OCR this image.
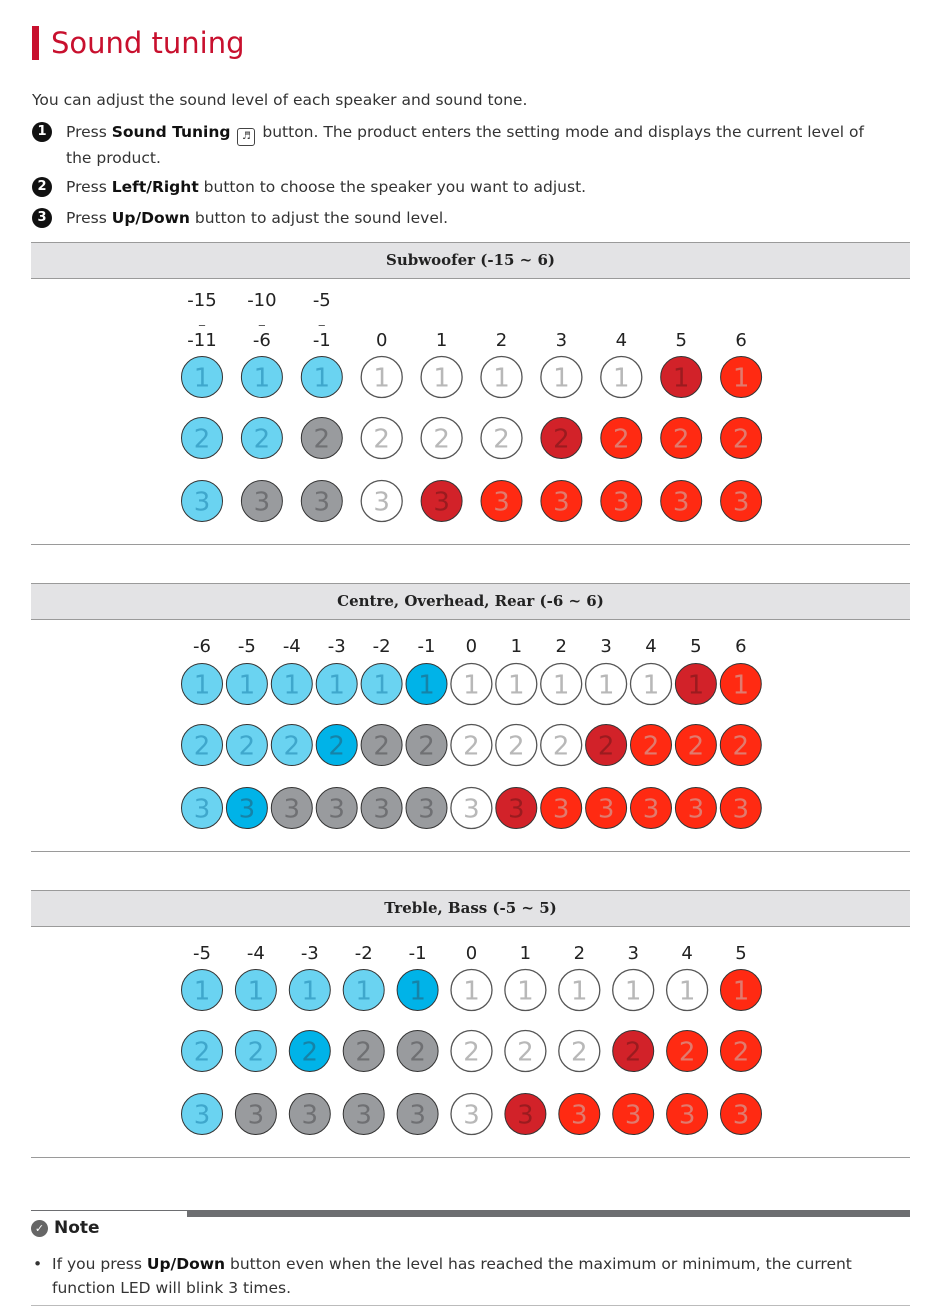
Sound tuning
You can adjust the sound level of each speaker and sound tone.
1	Press Sound Tuning ♬ button. The product enters the setting mode and displays the current level of the product.
2	Press Left/Right button to choose the speaker you want to adjust.
3	Press Up/Down button to adjust the sound level.
Subwoofer (-15 ~ 6)
Centre, Overhead, Rear (-6 ~ 6)
Treble, Bass (-5 ~ 5)
-15
_
-10
_
-5
_
-11 -6 -1	0	1	2	3	4	5	6
1 1 1 1 1 1 1 1 1 1
2 2 2 2 2 2 2 2 2 2
3 3 3 3 3 3 3 3 3 3
-6 -5 -4 -3 -2 -1 0 1 2 3 4 5 6
1 1 1 1 1 1 1 1 1 1 1 1 1
2 2 2 2 2 2 2 2 2 2 2 2 2
3 3 3 3 3 3 3 3 3 3 3 3 3
-5 -4 -3 -2 -1 0 1 2 3 4 5
1 1 1 1 1 1 1 1 1 1 1
2 2 2 2 2 2 2 2 2 2 2
3 3 3 3 3 3 3 3 3 3 3
✓ Note
• If you press Up/Down button even when the level has reached the maximum or minimum, the current function LED will blink 3 times.
